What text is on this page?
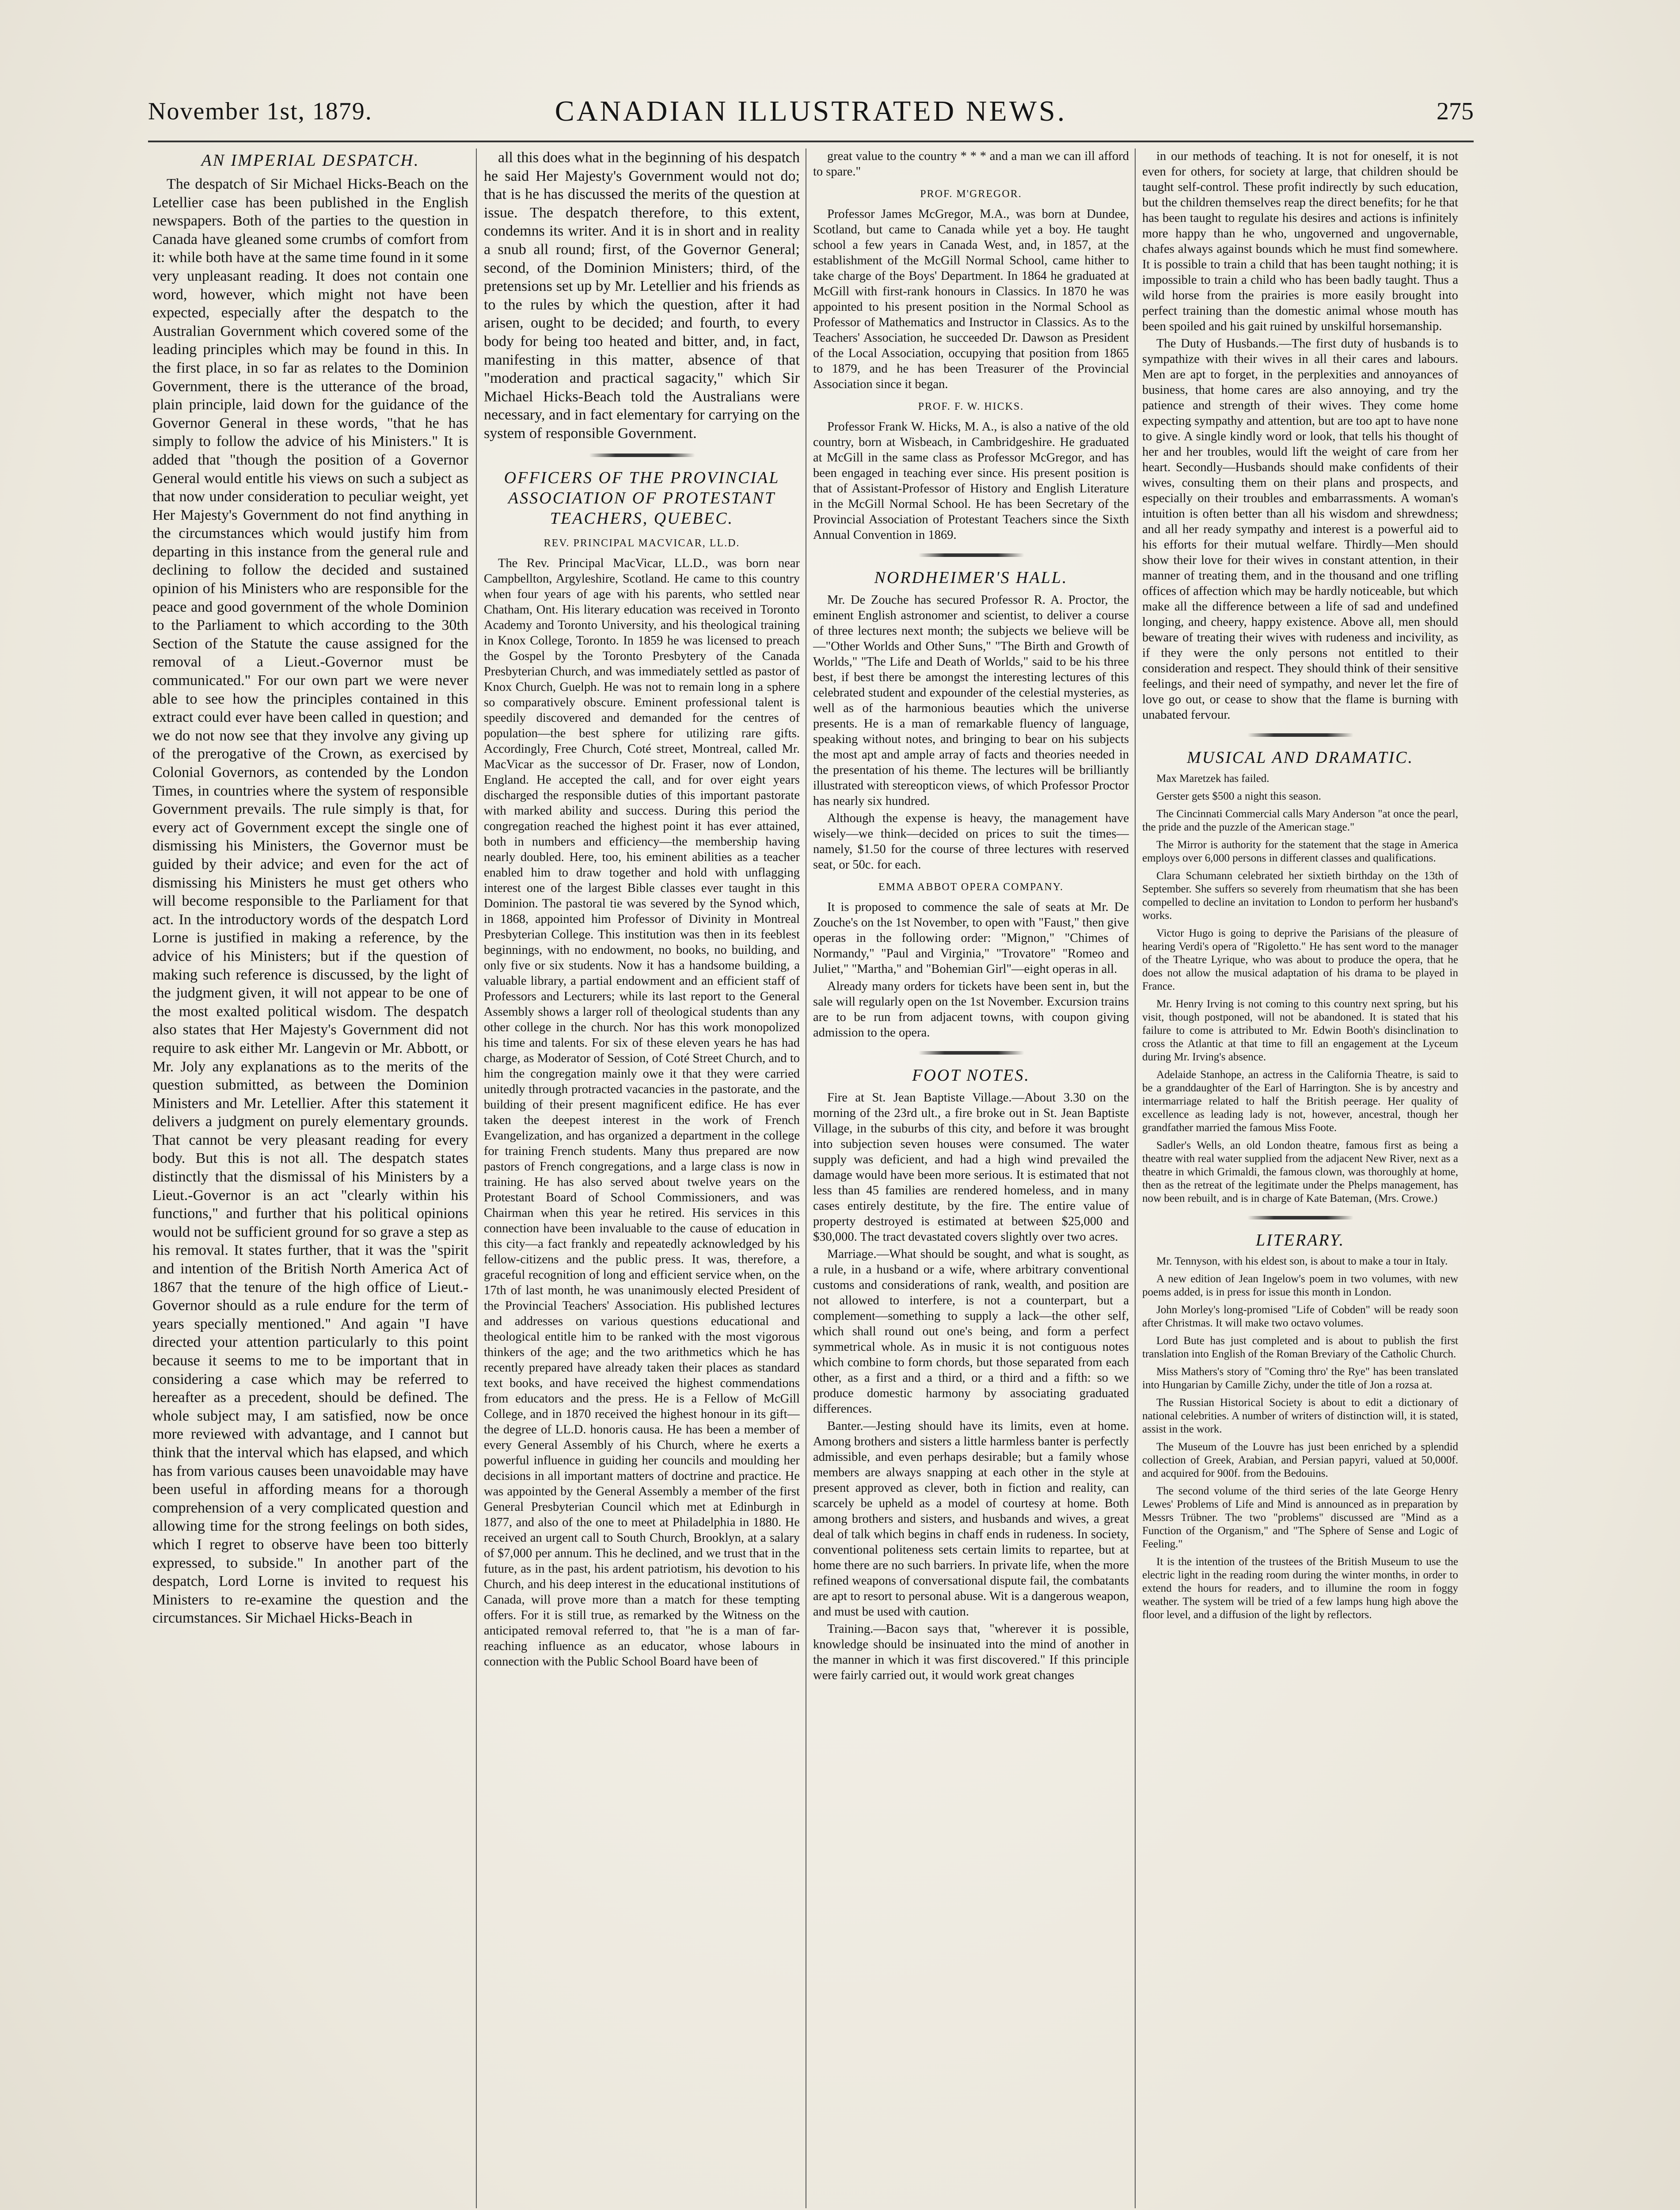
November 1st, 1879.	CANADIAN ILLUSTRATED NEWS.	275
AN IMPERIAL DESPATCH.

The despatch of Sir Michael Hicks-Beach on the Letellier case has been published in the English newspapers. Both of the parties to the question in Canada have gleaned some crumbs of comfort from it: while both have at the same time found in it some very unpleasant reading. It does not contain one word, however, which might not have been expected, especially after the despatch to the Australian Government which covered some of the leading principles which may be found in this. In the first place, in so far as relates to the Dominion Government, there is the utterance of the broad, plain principle, laid down for the guidance of the Governor General in these words, "that he has simply to follow the advice of his Ministers." It is added that "though the position of a Governor General would entitle his views on such a subject as that now under consideration to peculiar weight, yet Her Majesty's Government do not find anything in the circumstances which would justify him from departing in this instance from the general rule and declining to follow the decided and sustained opinion of his Ministers who are responsible for the peace and good government of the whole Dominion to the Parliament to which according to the 30th Section of the Statute the cause assigned for the removal of a Lieut.-Governor must be communicated." For our own part we were never able to see how the principles contained in this extract could ever have been called in question; and we do not now see that they involve any giving up of the prerogative of the Crown, as exercised by Colonial Governors, as contended by the London Times, in countries where the system of responsible Government prevails. The rule simply is that, for every act of Government except the single one of dismissing his Ministers, the Governor must be guided by their advice; and even for the act of dismissing his Ministers he must get others who will become responsible to the Parliament for that act. In the introductory words of the despatch Lord Lorne is justified in making a reference, by the advice of his Ministers; but if the question of making such reference is discussed, by the light of the judgment given, it will not appear to be one of the most exalted political wisdom. The despatch also states that Her Majesty's Government did not require to ask either Mr. Langevin or Mr. Abbott, or Mr. Joly any explanations as to the merits of the question submitted, as between the Dominion Ministers and Mr. Letellier. After this statement it delivers a judgment on purely elementary grounds. That cannot be very pleasant reading for every body. But this is not all. The despatch states distinctly that the dismissal of his Ministers by a Lieut.-Governor is an act "clearly within his functions," and further that his political opinions would not be sufficient ground for so grave a step as his removal. It states further, that it was the "spirit and intention of the British North America Act of 1867 that the tenure of the high office of Lieut.-Governor should as a rule endure for the term of years specially mentioned." And again "I have directed your attention particularly to this point because it seems to me to be important that in considering a case which may be referred to hereafter as a precedent, should be defined. The whole subject may, I am satisfied, now be once more reviewed with advantage, and I cannot but think that the interval which has elapsed, and which has from various causes been unavoidable may have been useful in affording means for a thorough comprehension of a very complicated question and allowing time for the strong feelings on both sides, which I regret to observe have been too bitterly expressed, to subside." In another part of the despatch, Lord Lorne is invited to request his Ministers to re-examine the question and the circumstances. Sir Michael Hicks-Beach in

all this does what in the beginning of his despatch he said Her Majesty's Government would not do; that is he has discussed the merits of the question at issue. The despatch therefore, to this extent, condemns its writer. And it is in short and in reality a snub all round; first, of the Governor General; second, of the Dominion Ministers; third, of the pretensions set up by Mr. Letellier and his friends as to the rules by which the question, after it had arisen, ought to be decided; and fourth, to every body for being too heated and bitter, and, in fact, manifesting in this matter, absence of that "moderation and practical sagacity," which Sir Michael Hicks-Beach told the Australians were necessary, and in fact elementary for carrying on the system of responsible Government.

OFFICERS OF THE PROVINCIAL ASSOCIATION OF PROTESTANT TEACHERS, QUEBEC.
REV. PRINCIPAL MACVICAR, LL.D.

The Rev. Principal MacVicar, LL.D., was born near Campbellton, Argyleshire, Scotland. He came to this country when four years of age with his parents, who settled near Chatham, Ont. His literary education was received in Toronto Academy and Toronto University, and his theological training in Knox College, Toronto. In 1859 he was licensed to preach the Gospel by the Toronto Presbytery of the Canada Presbyterian Church, and was immediately settled as pastor of Knox Church, Guelph. He was not to remain long in a sphere so comparatively obscure. Eminent professional talent is speedily discovered and demanded for the centres of population—the best sphere for utilizing rare gifts. Accordingly, Free Church, Coté street, Montreal, called Mr. MacVicar as the successor of Dr. Fraser, now of London, England. He accepted the call, and for over eight years discharged the responsible duties of this important pastorate with marked ability and success. During this period the congregation reached the highest point it has ever attained, both in numbers and efficiency—the membership having nearly doubled. Here, too, his eminent abilities as a teacher enabled him to draw together and hold with unflagging interest one of the largest Bible classes ever taught in this Dominion. The pastoral tie was severed by the Synod which, in 1868, appointed him Professor of Divinity in Montreal Presbyterian College. This institution was then in its feeblest beginnings, with no endowment, no books, no building, and only five or six students. Now it has a handsome building, a valuable library, a partial endowment and an efficient staff of Professors and Lecturers; while its last report to the General Assembly shows a larger roll of theological students than any other college in the church. Nor has this work monopolized his time and talents. For six of these eleven years he has had charge, as Moderator of Session, of Coté Street Church, and to him the congregation mainly owe it that they were carried unitedly through protracted vacancies in the pastorate, and the building of their present magnificent edifice. He has ever taken the deepest interest in the work of French Evangelization, and has organized a department in the college for training French students. Many thus prepared are now pastors of French congregations, and a large class is now in training. He has also served about twelve years on the Protestant Board of School Commissioners, and was Chairman when this year he retired. His services in this connection have been invaluable to the cause of education in this city—a fact frankly and repeatedly acknowledged by his fellow-citizens and the public press. It was, therefore, a graceful recognition of long and efficient service when, on the 17th of last month, he was unanimously elected President of the Provincial Teachers' Association. His published lectures and addresses on various questions educational and theological entitle him to be ranked with the most vigorous thinkers of the age; and the two arithmetics which he has recently prepared have already taken their places as standard text books, and have received the highest commendations from educators and the press. He is a Fellow of McGill College, and in 1870 received the highest honour in its gift—the degree of LL.D. honoris causa. He has been a member of every General Assembly of his Church, where he exerts a powerful influence in guiding her councils and moulding her decisions in all important matters of doctrine and practice. He was appointed by the General Assembly a member of the first General Presbyterian Council which met at Edinburgh in 1877, and also of the one to meet at Philadelphia in 1880. He received an urgent call to South Church, Brooklyn, at a salary of $7,000 per annum. This he declined, and we trust that in the future, as in the past, his ardent patriotism, his devotion to his Church, and his deep interest in the educational institutions of Canada, will prove more than a match for these tempting offers. For it is still true, as remarked by the Witness on the anticipated removal referred to, that "he is a man of far-reaching influence as an educator, whose labours in connection with the Public School Board have been of

great value to the country * * * and a man we can ill afford to spare."

PROF. M'GREGOR.

Professor James McGregor, M.A., was born at Dundee, Scotland, but came to Canada while yet a boy. He taught school a few years in Canada West, and, in 1857, at the establishment of the McGill Normal School, came hither to take charge of the Boys' Department. In 1864 he graduated at McGill with first-rank honours in Classics. In 1870 he was appointed to his present position in the Normal School as Professor of Mathematics and Instructor in Classics. As to the Teachers' Association, he succeeded Dr. Dawson as President of the Local Association, occupying that position from 1865 to 1879, and he has been Treasurer of the Provincial Association since it began.

PROF. F. W. HICKS.

Professor Frank W. Hicks, M. A., is also a native of the old country, born at Wisbeach, in Cambridgeshire. He graduated at McGill in the same class as Professor McGregor, and has been engaged in teaching ever since. His present position is that of Assistant-Professor of History and English Literature in the McGill Normal School. He has been Secretary of the Provincial Association of Protestant Teachers since the Sixth Annual Convention in 1869.

NORDHEIMER'S HALL.

Mr. De Zouche has secured Professor R. A. Proctor, the eminent English astronomer and scientist, to deliver a course of three lectures next month; the subjects we believe will be—"Other Worlds and Other Suns," "The Birth and Growth of Worlds," "The Life and Death of Worlds," said to be his three best, if best there be amongst the interesting lectures of this celebrated student and expounder of the celestial mysteries, as well as of the harmonious beauties which the universe presents. He is a man of remarkable fluency of language, speaking without notes, and bringing to bear on his subjects the most apt and ample array of facts and theories needed in the presentation of his theme. The lectures will be brilliantly illustrated with stereopticon views, of which Professor Proctor has nearly six hundred.

Although the expense is heavy, the management have wisely—we think—decided on prices to suit the times—namely, $1.50 for the course of three lectures with reserved seat, or 50c. for each.

EMMA ABBOT OPERA COMPANY.

It is proposed to commence the sale of seats at Mr. De Zouche's on the 1st November, to open with "Faust," then give operas in the following order: "Mignon," "Chimes of Normandy," "Paul and Virginia," "Trovatore" "Romeo and Juliet," "Martha," and "Bohemian Girl"—eight operas in all.

Already many orders for tickets have been sent in, but the sale will regularly open on the 1st November. Excursion trains are to be run from adjacent towns, with coupon giving admission to the opera.

FOOT NOTES.

Fire at St. Jean Baptiste Village.—About 3.30 on the morning of the 23rd ult., a fire broke out in St. Jean Baptiste Village, in the suburbs of this city, and before it was brought into subjection seven houses were consumed. The water supply was deficient, and had a high wind prevailed the damage would have been more serious. It is estimated that not less than 45 families are rendered homeless, and in many cases entirely destitute, by the fire. The entire value of property destroyed is estimated at between $25,000 and $30,000. The tract devastated covers slightly over two acres.

Marriage.—What should be sought, and what is sought, as a rule, in a husband or a wife, where arbitrary conventional customs and considerations of rank, wealth, and position are not allowed to interfere, is not a counterpart, but a complement—something to supply a lack—the other self, which shall round out one's being, and form a perfect symmetrical whole. As in music it is not contiguous notes which combine to form chords, but those separated from each other, as a first and a third, or a third and a fifth: so we produce domestic harmony by associating graduated differences.

Banter.—Jesting should have its limits, even at home. Among brothers and sisters a little harmless banter is perfectly admissible, and even perhaps desirable; but a family whose members are always snapping at each other in the style at present approved as clever, both in fiction and reality, can scarcely be upheld as a model of courtesy at home. Both among brothers and sisters, and husbands and wives, a great deal of talk which begins in chaff ends in rudeness. In society, conventional politeness sets certain limits to repartee, but at home there are no such barriers. In private life, when the more refined weapons of conversational dispute fail, the combatants are apt to resort to personal abuse. Wit is a dangerous weapon, and must be used with caution.

Training.—Bacon says that, "wherever it is possible, knowledge should be insinuated into the mind of another in the manner in which it was first discovered." If this principle were fairly carried out, it would work great changes

in our methods of teaching. It is not for oneself, it is not even for others, for society at large, that children should be taught self-control. These profit indirectly by such education, but the children themselves reap the direct benefits; for he that has been taught to regulate his desires and actions is infinitely more happy than he who, ungoverned and ungovernable, chafes always against bounds which he must find somewhere. It is possible to train a child that has been taught nothing; it is impossible to train a child who has been badly taught. Thus a wild horse from the prairies is more easily brought into perfect training than the domestic animal whose mouth has been spoiled and his gait ruined by unskilful horsemanship.

The Duty of Husbands.—The first duty of husbands is to sympathize with their wives in all their cares and labours. Men are apt to forget, in the perplexities and annoyances of business, that home cares are also annoying, and try the patience and strength of their wives. They come home expecting sympathy and attention, but are too apt to have none to give. A single kindly word or look, that tells his thought of her and her troubles, would lift the weight of care from her heart. Secondly—Husbands should make confidents of their wives, consulting them on their plans and prospects, and especially on their troubles and embarrassments. A woman's intuition is often better than all his wisdom and shrewdness; and all her ready sympathy and interest is a powerful aid to his efforts for their mutual welfare. Thirdly—Men should show their love for their wives in constant attention, in their manner of treating them, and in the thousand and one trifling offices of affection which may be hardly noticeable, but which make all the difference between a life of sad and undefined longing, and cheery, happy existence. Above all, men should beware of treating their wives with rudeness and incivility, as if they were the only persons not entitled to their consideration and respect. They should think of their sensitive feelings, and their need of sympathy, and never let the fire of love go out, or cease to show that the flame is burning with unabated fervour.

MUSICAL AND DRAMATIC.

Max Maretzek has failed.

Gerster gets $500 a night this season.

The Cincinnati Commercial calls Mary Anderson "at once the pearl, the pride and the puzzle of the American stage."

The Mirror is authority for the statement that the stage in America employs over 6,000 persons in different classes and qualifications.

Clara Schumann celebrated her sixtieth birthday on the 13th of September. She suffers so severely from rheumatism that she has been compelled to decline an invitation to London to perform her husband's works.

Victor Hugo is going to deprive the Parisians of the pleasure of hearing Verdi's opera of "Rigoletto." He has sent word to the manager of the Theatre Lyrique, who was about to produce the opera, that he does not allow the musical adaptation of his drama to be played in France.

Mr. Henry Irving is not coming to this country next spring, but his visit, though postponed, will not be abandoned. It is stated that his failure to come is attributed to Mr. Edwin Booth's disinclination to cross the Atlantic at that time to fill an engagement at the Lyceum during Mr. Irving's absence.

Adelaide Stanhope, an actress in the California Theatre, is said to be a granddaughter of the Earl of Harrington. She is by ancestry and intermarriage related to half the British peerage. Her quality of excellence as leading lady is not, however, ancestral, though her grandfather married the famous Miss Foote.

Sadler's Wells, an old London theatre, famous first as being a theatre with real water supplied from the adjacent New River, next as a theatre in which Grimaldi, the famous clown, was thoroughly at home, then as the retreat of the legitimate under the Phelps management, has now been rebuilt, and is in charge of Kate Bateman, (Mrs. Crowe.)

LITERARY.

Mr. Tennyson, with his eldest son, is about to make a tour in Italy.

A new edition of Jean Ingelow's poem in two volumes, with new poems added, is in press for issue this month in London.

John Morley's long-promised "Life of Cobden" will be ready soon after Christmas. It will make two octavo volumes.

Lord Bute has just completed and is about to publish the first translation into English of the Roman Breviary of the Catholic Church.

Miss Mathers's story of "Coming thro' the Rye" has been translated into Hungarian by Camille Zichy, under the title of Jon a rozsa at.

The Russian Historical Society is about to edit a dictionary of national celebrities. A number of writers of distinction will, it is stated, assist in the work.

The Museum of the Louvre has just been enriched by a splendid collection of Greek, Arabian, and Persian papyri, valued at 50,000f. and acquired for 900f. from the Bedouins.

The second volume of the third series of the late George Henry Lewes' Problems of Life and Mind is announced as in preparation by Messrs Trübner. The two "problems" discussed are "Mind as a Function of the Organism," and "The Sphere of Sense and Logic of Feeling."

It is the intention of the trustees of the British Museum to use the electric light in the reading room during the winter months, in order to extend the hours for readers, and to illumine the room in foggy weather. The system will be tried of a few lamps hung high above the floor level, and a diffusion of the light by reflectors.
